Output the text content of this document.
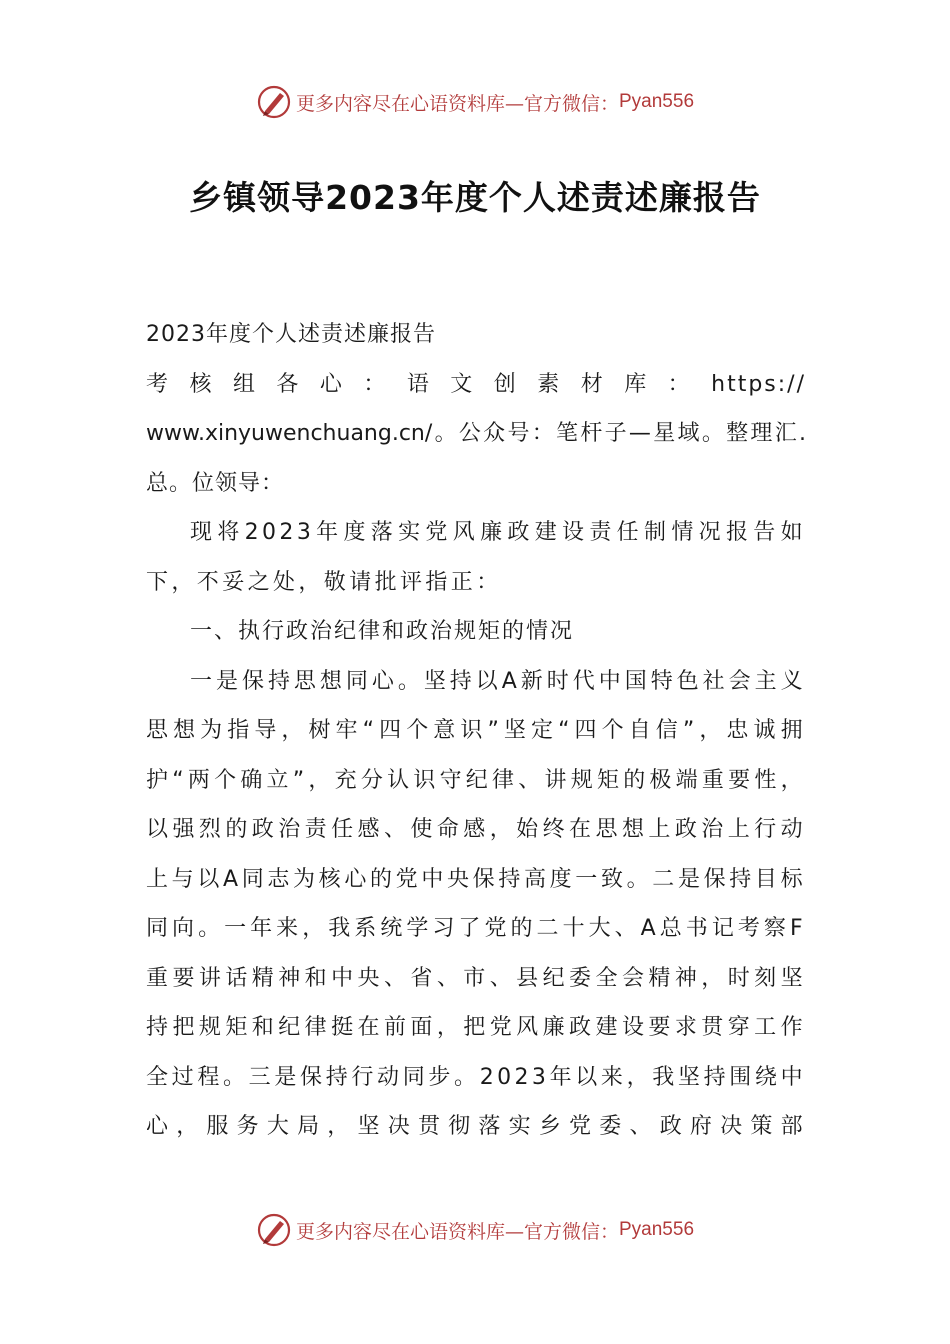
更多内容尽在心语资料库—官方微信： Pyan556
乡镇领导2023年度个人述责述廉报告

2023年度个人述责述廉报告

考核组各心：语文创素材库：https://

www.xinyuwenchuang.cn/。公众号：笔杆子—星域。整理汇.

总。位领导：

现将2023年度落实党风廉政建设责任制情况报告如下，不妥之处，敬请批评指正：

一、执行政治纪律和政治规矩的情况

一是保持思想同心。坚持以A新时代中国特色社会主义思想为指导，树牢“四个意识”坚定“四个自信”，忠诚拥护“两个确立”，充分认识守纪律、讲规矩的极端重要性，以强烈的政治责任感、使命感，始终在思想上政治上行动上与以A同志为核心的党中央保持高度一致。二是保持目标同向。一年来，我系统学习了党的二十大、A总书记考察F重要讲话精神和中央、省、市、县纪委全会精神，时刻坚持把规矩和纪律挺在前面，把党风廉政建设要求贯穿工作全过程。三是保持行动同步。2023年以来，我坚持围绕中心，服务大局，坚决贯彻落实乡党委、政府决策部

更多内容尽在心语资料库—官方微信： Pyan556
